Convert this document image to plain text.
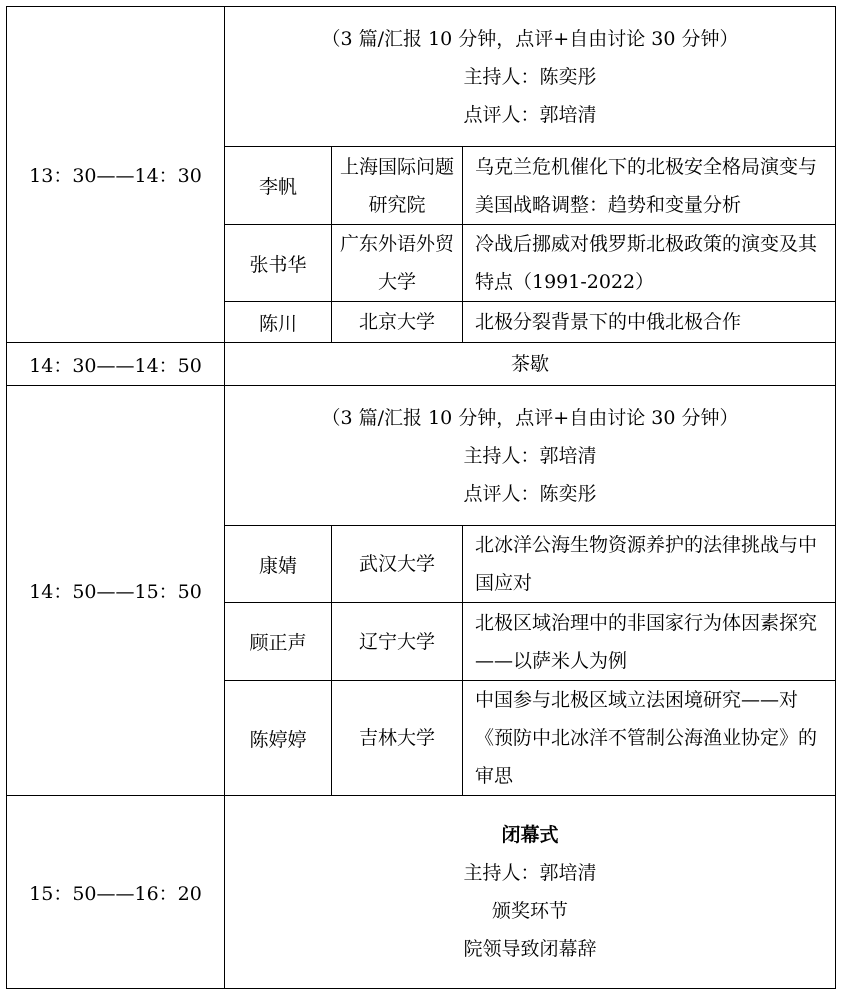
13：30——14：30	（3 篇/汇报 10 分钟，点评+自由讨论 30 分钟）
主持人：陈奕彤
点评人：郭培清		

	李帆	上海国际问题研究院	乌克兰危机催化下的北极安全格局演变与美国战略调整：趋势和变量分析
	张书华	广东外语外贸大学	冷战后挪威对俄罗斯北极政策的演变及其特点（1991-2022）
	陈川	北京大学	北极分裂背景下的中俄北极合作
14：30——14：50	茶歇		
14：50——15：50	（3 篇/汇报 10 分钟，点评+自由讨论 30 分钟）
主持人：郭培清
点评人：陈奕彤		

	康婧	武汉大学	北冰洋公海生物资源养护的法律挑战与中国应对
	顾正声	辽宁大学	北极区域治理中的非国家行为体因素探究——以萨米人为例
	陈婷婷	吉林大学	中国参与北极区域立法困境研究——对《预防中北冰洋不管制公海渔业协定》的审思
15：50——16：20	闭幕式
主持人：郭培清
颁奖环节
院领导致闭幕辞		
